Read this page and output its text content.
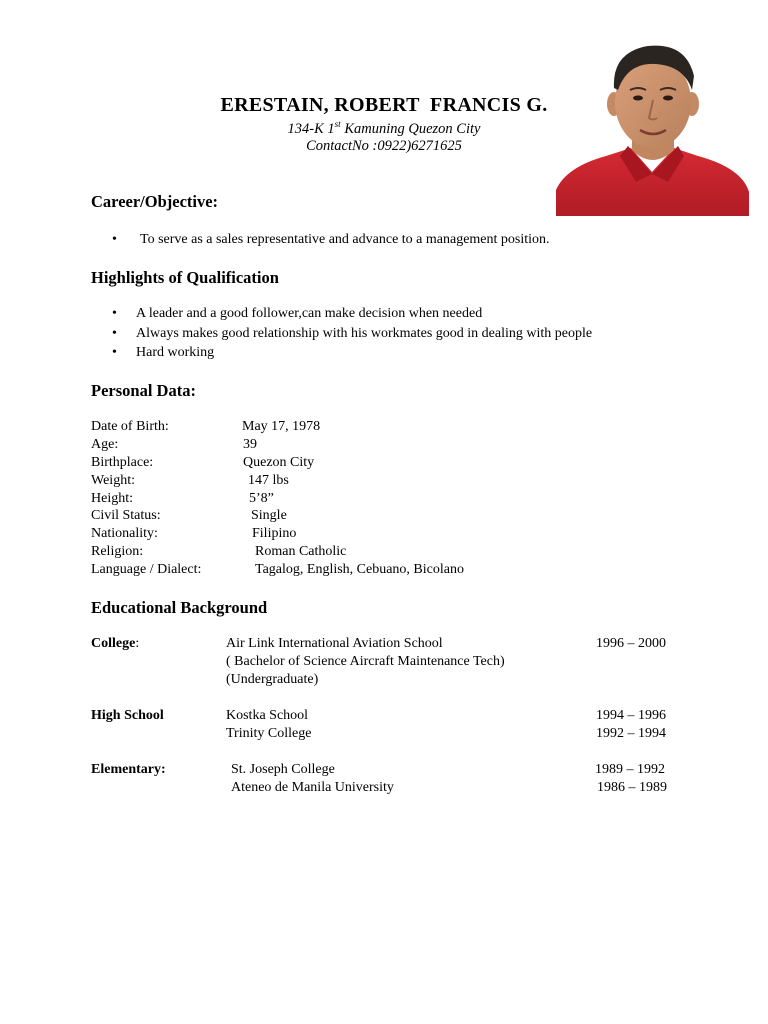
ERESTAIN, ROBERT  FRANCIS G.
134-K 1st Kamuning Quezon City
ContactNo :0922)6271625
Career/Objective:
• To serve as a sales representative and advance to a management position.
Highlights of Qualification
• A leader and a good follower,can make decision when needed
• Always makes good relationship with his workmates good in dealing with people
• Hard working
Personal Data:
Date of Birth:	May 17, 1978
Age:	39
Birthplace:	Quezon City
Weight:	147 lbs
Height:	5’8”
Civil Status:	Single
Nationality:	Filipino
Religion:	Roman Catholic
Language / Dialect:	Tagalog, English, Cebuano, Bicolano
Educational Background
College:	Air Link International Aviation School	1996 – 2000
( Bachelor of Science Aircraft Maintenance Tech)
(Undergraduate)
High School	Kostka School	1994 – 1996
Trinity College	1992 – 1994
Elementary:	St. Joseph College	1989 – 1992
Ateneo de Manila University	1986 – 1989
